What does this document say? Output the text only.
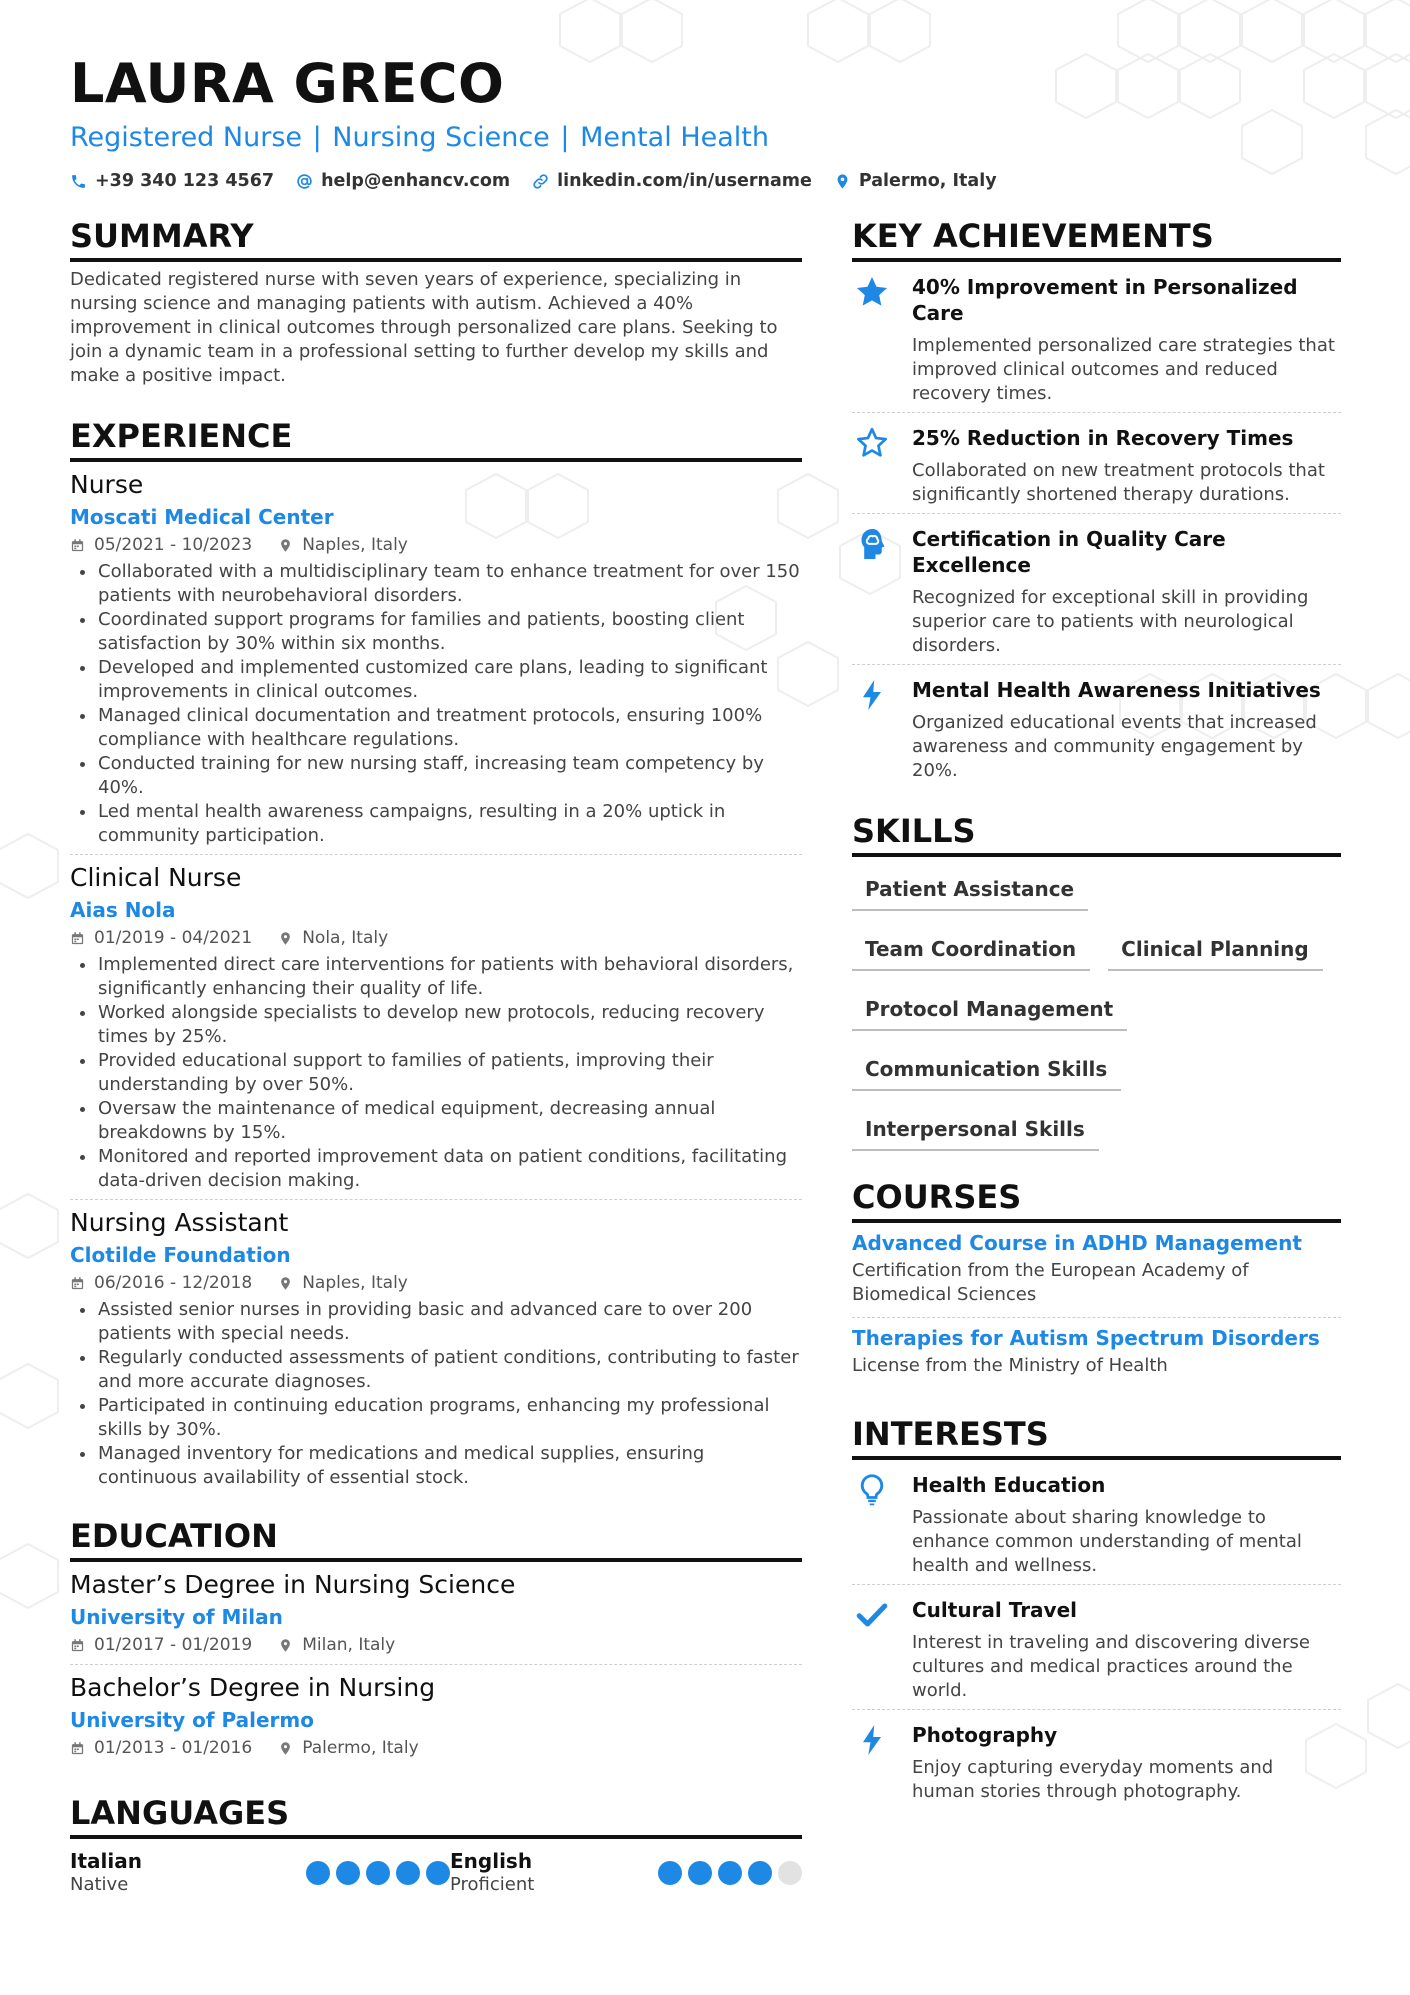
LAURA GRECO
Registered Nurse | Nursing Science | Mental Health
+39 340 123 4567	help@enhancv.com	linkedin.com/in/username	Palermo, Italy
SUMMARY

Dedicated registered nurse with seven years of experience, specializing in nursing science and managing patients with autism. Achieved a 40% improvement in clinical outcomes through personalized care plans. Seeking to join a dynamic team in a professional setting to further develop my skills and make a positive impact.

EXPERIENCE
Nurse
Moscati Medical Center
05/2021 - 10/2023	Naples, Italy
Collaborated with a multidisciplinary team to enhance treatment for over 150 patients with neurobehavioral disorders.
Coordinated support programs for families and patients, boosting client satisfaction by 30% within six months.
Developed and implemented customized care plans, leading to significant improvements in clinical outcomes.
Managed clinical documentation and treatment protocols, ensuring 100% compliance with healthcare regulations.
Conducted training for new nursing staff, increasing team competency by 40%.
Led mental health awareness campaigns, resulting in a 20% uptick in community participation.
Clinical Nurse
Aias Nola
01/2019 - 04/2021	Nola, Italy
Implemented direct care interventions for patients with behavioral disorders, significantly enhancing their quality of life.
Worked alongside specialists to develop new protocols, reducing recovery times by 25%.
Provided educational support to families of patients, improving their understanding by over 50%.
Oversaw the maintenance of medical equipment, decreasing annual breakdowns by 15%.
Monitored and reported improvement data on patient conditions, facilitating data-driven decision making.
Nursing Assistant
Clotilde Foundation
06/2016 - 12/2018	Naples, Italy
Assisted senior nurses in providing basic and advanced care to over 200 patients with special needs.
Regularly conducted assessments of patient conditions, contributing to faster and more accurate diagnoses.
Participated in continuing education programs, enhancing my professional skills by 30%.
Managed inventory for medications and medical supplies, ensuring continuous availability of essential stock.
EDUCATION
Master’s Degree in Nursing Science
University of Milan
01/2017 - 01/2019	Milan, Italy
Bachelor’s Degree in Nursing
University of Palermo
01/2013 - 01/2016	Palermo, Italy
LANGUAGES
Italian
Native
English
Proficient
KEY ACHIEVEMENTS
40% Improvement in Personalized Care
Implemented personalized care strategies that improved clinical outcomes and reduced recovery times.
25% Reduction in Recovery Times
Collaborated on new treatment protocols that significantly shortened therapy durations.
Certification in Quality Care Excellence
Recognized for exceptional skill in providing superior care to patients with neurological disorders.
Mental Health Awareness Initiatives
Organized educational events that increased awareness and community engagement by 20%.
SKILLS
Patient Assistance
Team Coordination	Clinical Planning
Protocol Management
Communication Skills
Interpersonal Skills
COURSES
Advanced Course in ADHD Management
Certification from the European Academy of Biomedical Sciences
Therapies for Autism Spectrum Disorders
License from the Ministry of Health
INTERESTS
Health Education
Passionate about sharing knowledge to enhance common understanding of mental health and wellness.
Cultural Travel
Interest in traveling and discovering diverse cultures and medical practices around the world.
Photography
Enjoy capturing everyday moments and human stories through photography.
